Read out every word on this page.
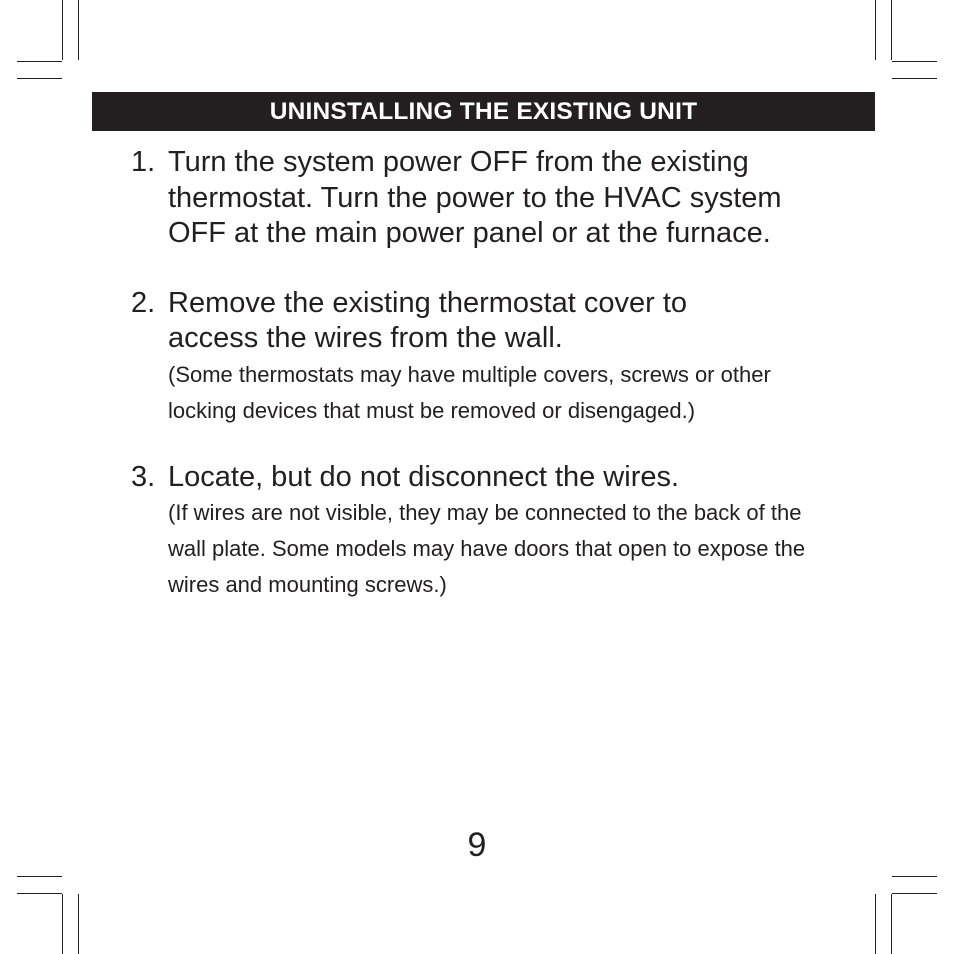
UNINSTALLING THE EXISTING UNIT
1. Turn the system power OFF from the existing thermostat. Turn the power to the HVAC system OFF at the main power panel or at the furnace.
2. Remove the existing thermostat cover to access the wires from the wall.
(Some thermostats may have multiple covers, screws or other locking devices that must be removed or disengaged.)
3. Locate, but do not disconnect the wires.
(If wires are not visible, they may be connected to the back of the wall plate. Some models may have doors that open to expose the wires and mounting screws.)
9
